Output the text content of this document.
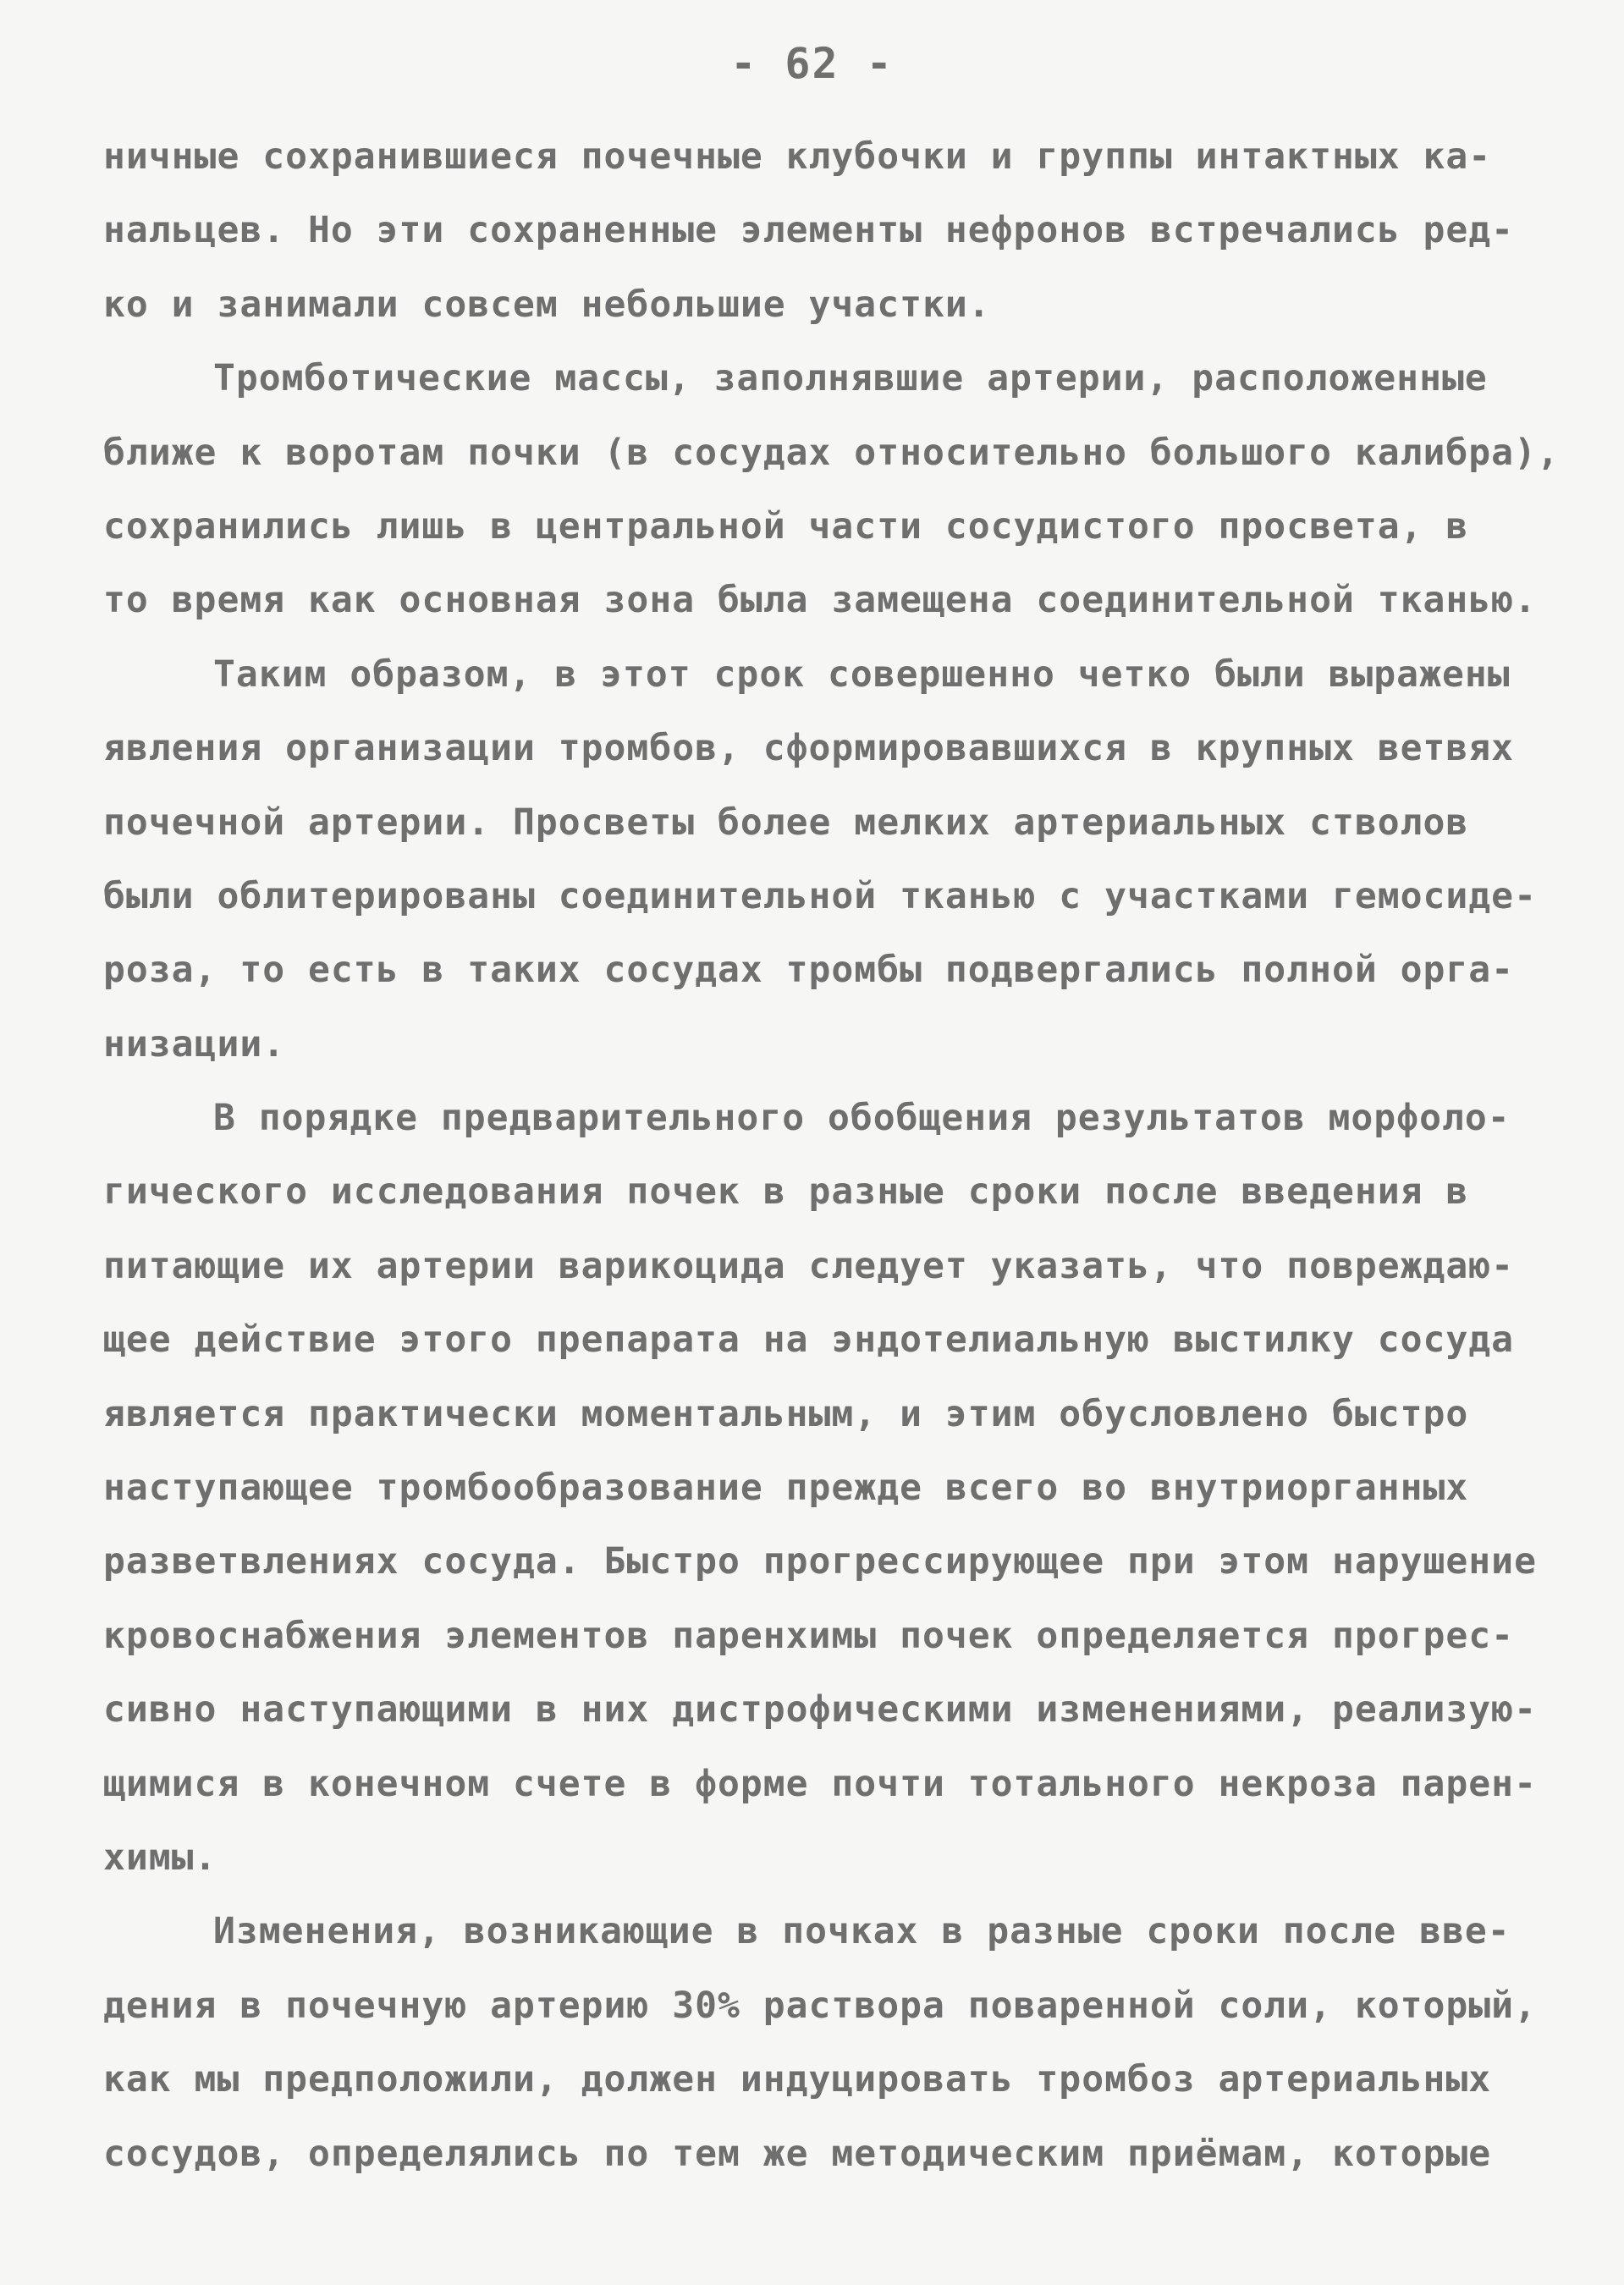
- 62 -
ничные сохранившиеся почечные клубочки и группы интактных ка-
нальцев. Но эти сохраненные элементы нефронов встречались ред-
ко и занимали совсем небольшие участки.
Тромботические массы, заполнявшие артерии, расположенные
ближе к воротам почки (в сосудах относительно большого калибра),
сохранились лишь в центральной части сосудистого просвета, в
то время как основная зона была замещена соединительной тканью.
Таким образом, в этот срок совершенно четко были выражены
явления организации тромбов, сформировавшихся в крупных ветвях
почечной артерии. Просветы более мелких артериальных стволов
были облитерированы соединительной тканью с участками гемосиде-
роза, то есть в таких сосудах тромбы подвергались полной орга-
низации.
В порядке предварительного обобщения результатов морфоло-
гического исследования почек в разные сроки после введения в
питающие их артерии варикоцида следует указать, что повреждаю-
щее действие этого препарата на эндотелиальную выстилку сосуда
является практически моментальным, и этим обусловлено быстро
наступающее тромбообразование прежде всего во внутриорганных
разветвлениях сосуда. Быстро прогрессирующее при этом нарушение
кровоснабжения элементов паренхимы почек определяется прогрес-
сивно наступающими в них дистрофическими изменениями, реализую-
щимися в конечном счете в форме почти тотального некроза парен-
химы.
Изменения, возникающие в почках в разные сроки после вве-
дения в почечную артерию 30% раствора поваренной соли, который,
как мы предположили, должен индуцировать тромбоз артериальных
сосудов, определялись по тем же методическим приёмам, которые
